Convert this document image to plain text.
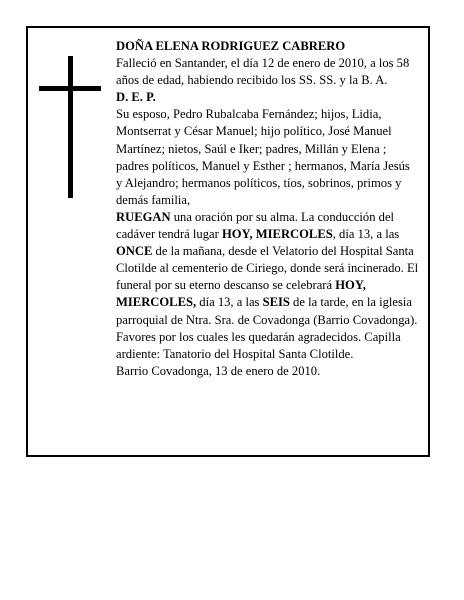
DOÑA ELENA RODRIGUEZ CABRERO

Falleció en Santander, el día 12 de enero de 2010, a los 58 años de edad, habiendo recibido los SS. SS. y la B. A.

D. E. P.

Su esposo, Pedro Rubalcaba Fernández; hijos, Lidia, Montserrat y César Manuel; hijo político, José Manuel Martínez; nietos, Saúl e Iker; padres, Millán y Elena ; padres políticos, Manuel y Esther ; hermanos, María Jesús y Alejandro; hermanos políticos, tíos, sobrinos, primos y demás familia,

RUEGAN una oración por su alma. La conducción del cadáver tendrá lugar HOY, MIERCOLES, día 13, a las ONCE de la mañana, desde el Velatorio del Hospital Santa Clotilde al cementerio de Ciriego, donde será incinerado. El funeral por su eterno descanso se celebrará HOY, MIERCOLES, día 13, a las SEIS de la tarde, en la iglesia parroquial de Ntra. Sra. de Covadonga (Barrio Covadonga). Favores por los cuales les quedarán agradecidos. Capilla ardiente: Tanatorio del Hospital Santa Clotilde.

Barrio Covadonga, 13 de enero de 2010.
